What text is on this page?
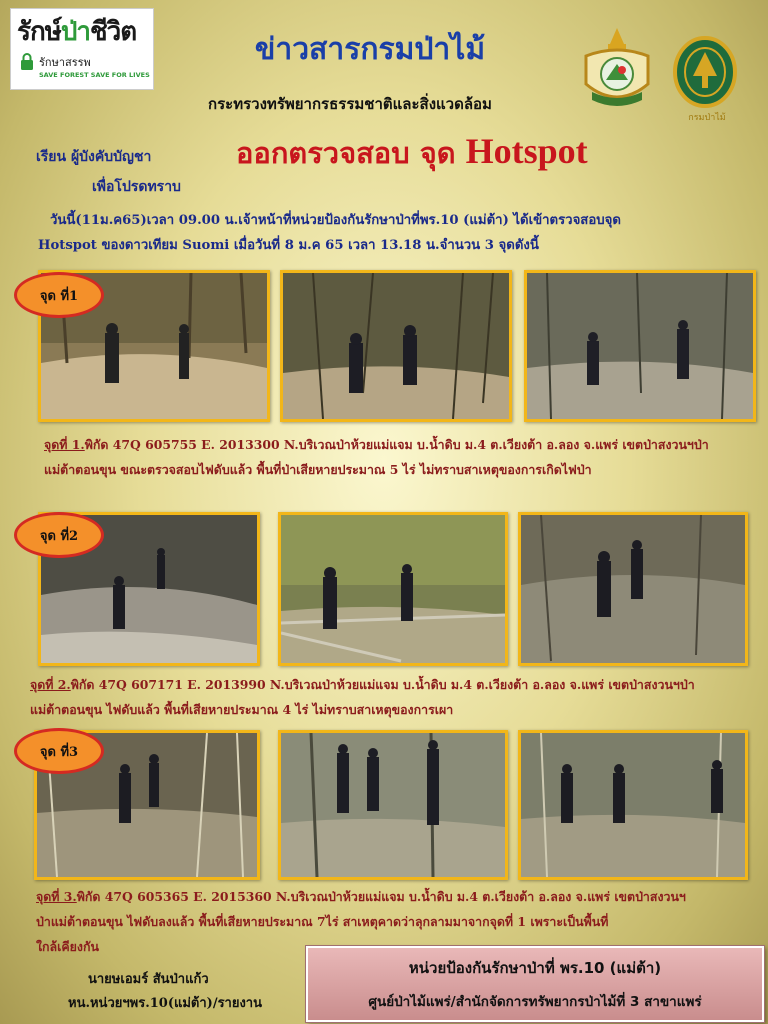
รักษ์ป่าชีวิต
รักษาสรรพ
SAVE FOREST SAVE FOR LIVES
ข่าวสารกรมป่าไม้
กระทรวงทรัพยากรธรรมชาติและสิ่งแวดล้อม
กรมป่าไม้
เรียน ผู้บังคับบัญชา
เพื่อโปรดทราบ
ออกตรวจสอบ จุด Hotspot
วันนี้(11ม.ค65)เวลา 09.00 น.เจ้าหน้าที่หน่วยป้องกันรักษาป่าที่พร.10 (แม่ต้า) ได้เข้าตรวจสอบจุด
Hotspot ของดาวเทียม Suomi เมื่อวันที่ 8 ม.ค 65 เวลา 13.18 น.จำนวน 3 จุดดังนี้
จุด ที่1
จุดที่ 1.พิกัด 47Q 605755 E. 2013300 N.บริเวณป่าห้วยแม่แจม บ.น้ำดิบ ม.4 ต.เวียงต้า อ.ลอง จ.แพร่ เขตป่าสงวนฯป่า
แม่ต้าตอนขุน ขณะตรวจสอบไฟดับแล้ว พื้นที่ป่าเสียหายประมาณ 5 ไร่ ไม่ทราบสาเหตุของการเกิดไฟป่า
จุด ที่2
จุดที่ 2.พิกัด 47Q 607171 E. 2013990 N.บริเวณป่าห้วยแม่แจม บ.น้ำดิบ ม.4 ต.เวียงต้า อ.ลอง จ.แพร่ เขตป่าสงวนฯป่า
แม่ต้าตอนขุน ไฟดับแล้ว พื้นที่เสียหายประมาณ 4 ไร่ ไม่ทราบสาเหตุของการเผา
จุด ที่3
จุดที่ 3.พิกัด 47Q 605365 E. 2015360 N.บริเวณป่าห้วยแม่แจม บ.น้ำดิบ ม.4 ต.เวียงต้า อ.ลอง จ.แพร่ เขตป่าสงวนฯ
ป่าแม่ต้าตอนขุน ไฟดับลงแล้ว พื้นที่เสียหายประมาณ 7ไร่ สาเหตุคาดว่าลุกลามมาจากจุดที่ 1 เพราะเป็นพื้นที่
ใกล้เคียงกัน
นายษเอมร์ สันป่าแก้ว
หน.หน่วยฯพร.10(แม่ต้า)/รายงาน
หน่วยป้องกันรักษาป่าที่ พร.10 (แม่ต้า)
ศูนย์ป่าไม้แพร่/สำนักจัดการทรัพยากรป่าไม้ที่ 3 สาขาแพร่
